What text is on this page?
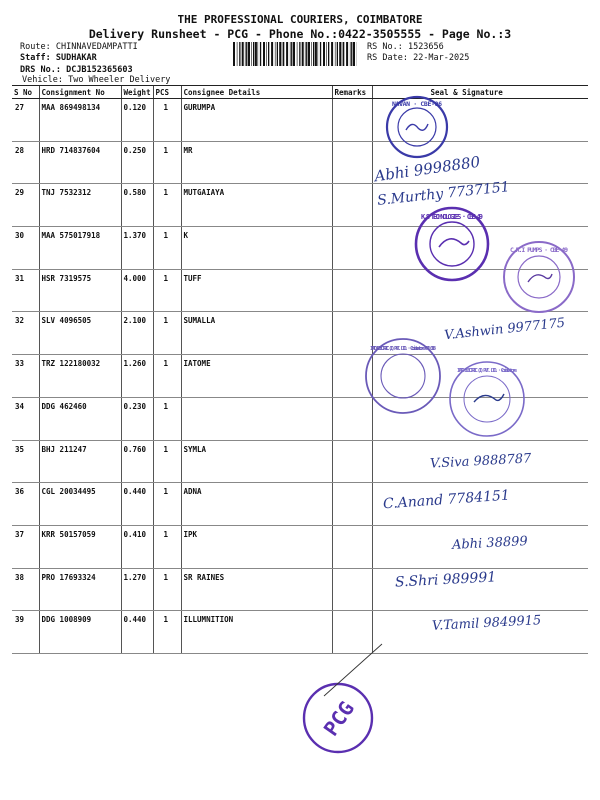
THE PROFESSIONAL COURIERS, COIMBATORE
Delivery Runsheet - PCG - Phone No.:0422-3505555 - Page No.:3
Route: CHINNAVEDAMPATTI
Staff: SUDHAKAR
DRS No.: DCJB152365603
Vehicle: Two Wheeler Delivery
RS No.: 1523656
RS Date: 22-Mar-2025
S No	Consignment No	Weight	PCS	Consignee Details	Remarks	Seal & Signature
27	MAA 869498134	0.120	1	GURUMPA		
28	HRD 714837604	0.250	1	MR		
29	TNJ 7532312	0.580	1	MUTGAIAYA		
30	MAA 575017918	1.370	1	K		
31	HSR 7319575	4.000	1	TUFF		
32	SLV 4096505	2.100	1	SUMALLA		
33	TRZ 122180032	1.260	1	IATOME		
34	DDG 462460	0.230	1			
35	BHJ 211247	0.760	1	SYMLA		
36	CGL 20034495	0.440	1	ADNA		
37	KRR 50157059	0.410	1	IPK		
38	PRO 17693324	1.270	1	SR RAINES		
39	DDG 1008909	0.440	1	ILLUMNITION		
NAVAN · CBE-06
K.S TECHNOLOGIES · CBE-49
C.R.I PUMPS · CBE-49
IATO ELECTRIC (I) PVT. LTD. · Coimbatore 641 038
IATO ELECTRIC (I) PVT. LTD. · Coimbatore
PCG
Abhi 9998880
S.Murthy 7737151
V.Ashwin 9977175
V.Siva 9888787
C.Anand 7784151
Abhi 38899
S.Shri 989991
V.Tamil 9849915
